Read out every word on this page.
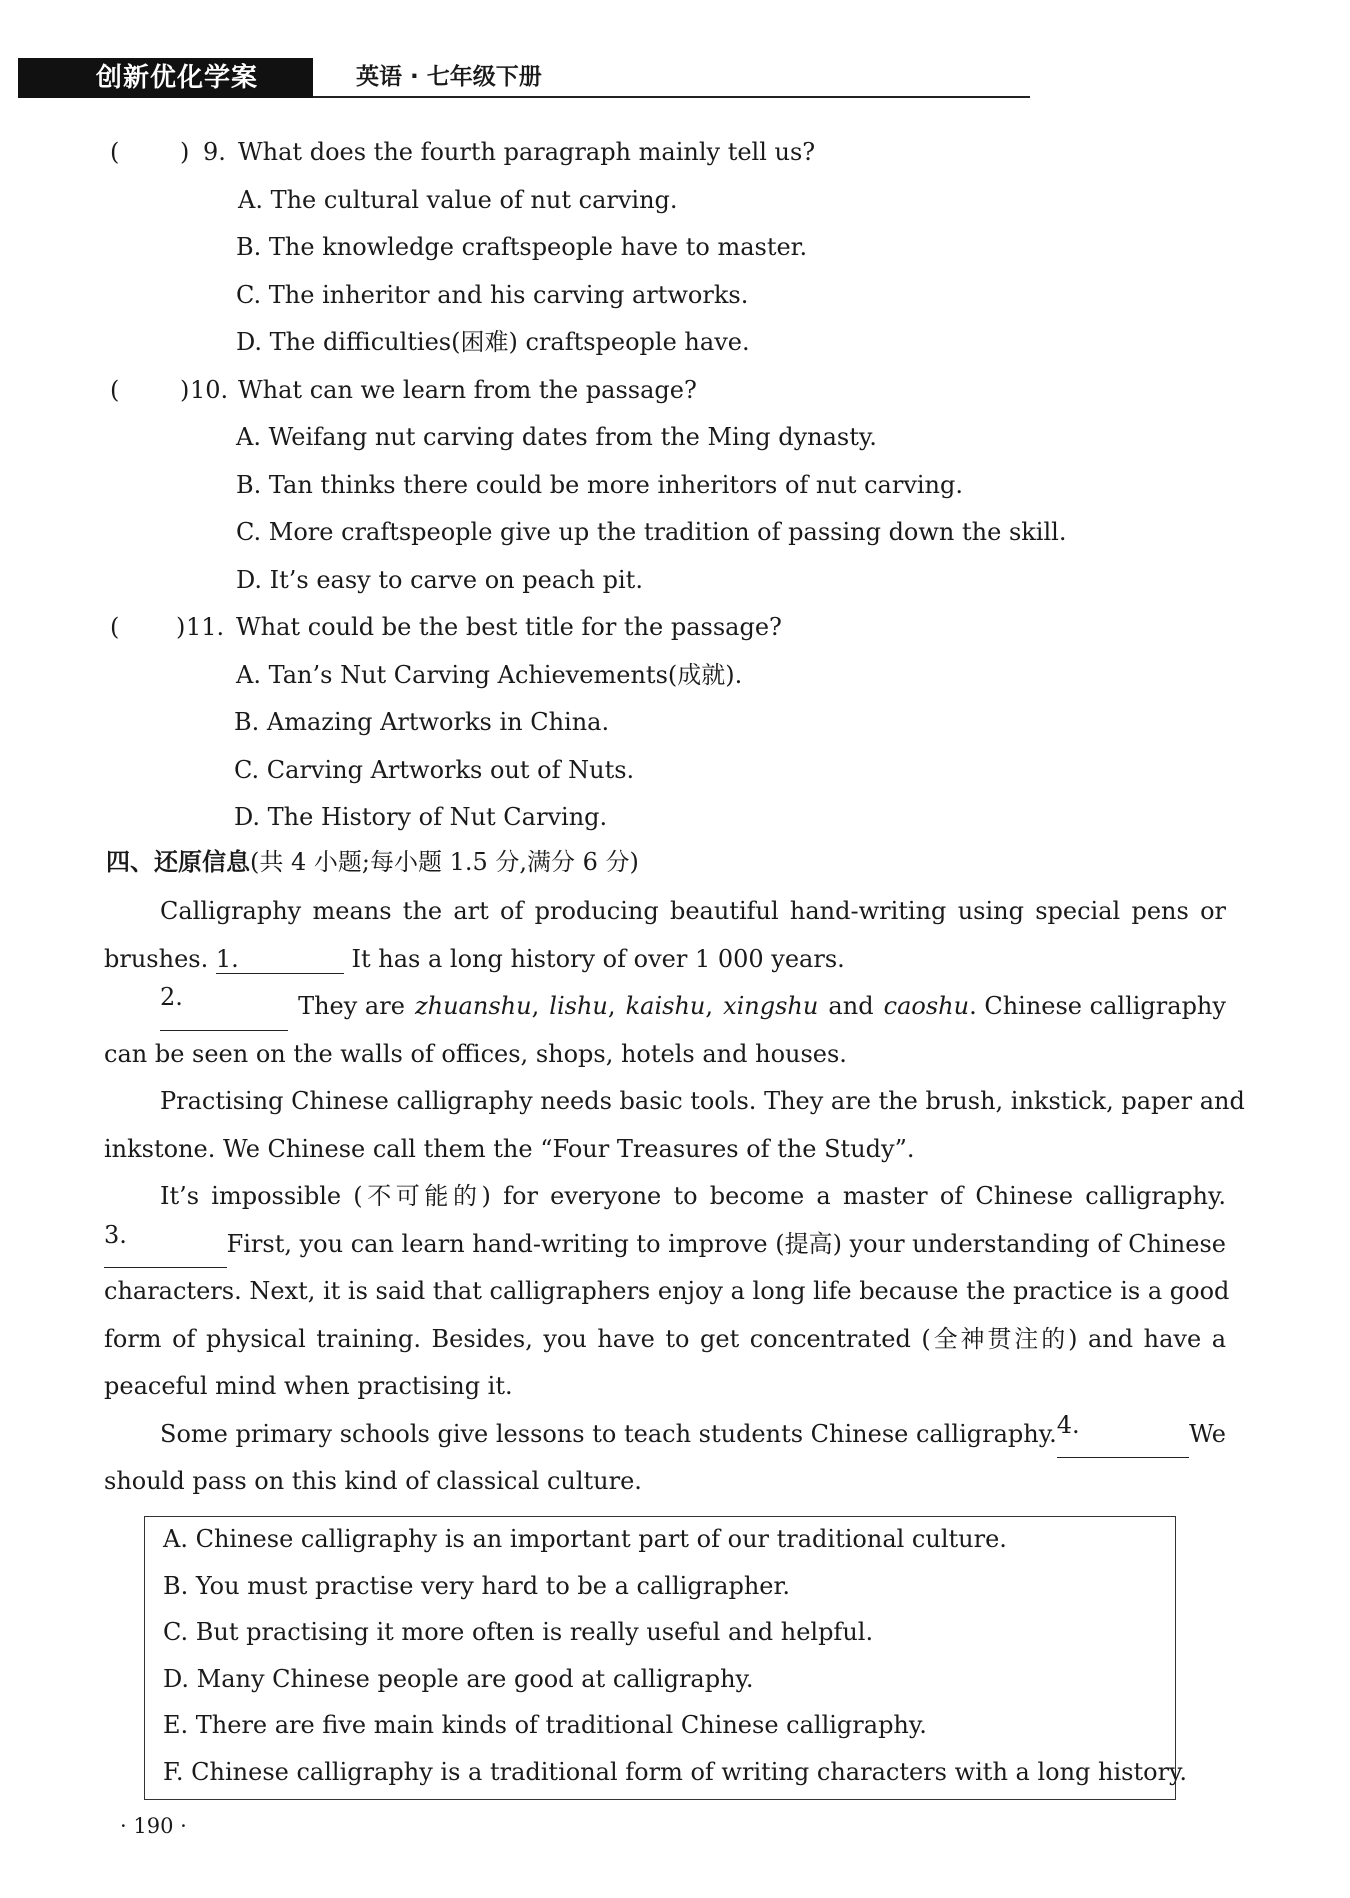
创新优化学案	英语 · 七年级下册
(	) 9. What does the fourth paragraph mainly tell us?
A. The cultural value of nut carving.
B. The knowledge craftspeople have to master.
C. The inheritor and his carving artworks.
D. The difficulties(困难) craftspeople have.
(	) 10. What can we learn from the passage?
A. Weifang nut carving dates from the Ming dynasty.
B. Tan thinks there could be more inheritors of nut carving.
C. More craftspeople give up the tradition of passing down the skill.
D. It’s easy to carve on peach pit.
( ) 11. What could be the best title for the passage?
A. Tan’s Nut Carving Achievements(成就).
B. Amazing Artworks in China.
C. Carving Artworks out of Nuts.
D. The History of Nut Carving.
四、还原信息(共 4 小题;每小题 1.5 分,满分 6 分)
Calligraphy means the art of producing beautiful hand-writing using special pens or
brushes. 1.	It has a long history of over 1 000 years.
2.	They are zhuanshu, lishu, kaishu, xingshu and caoshu. Chinese calligraphy
can be seen on the walls of offices, shops, hotels and houses.
Practising Chinese calligraphy needs basic tools. They are the brush, inkstick, paper and
inkstone. We Chinese call them the “Four Treasures of the Study”.
It’s impossible (不可能的) for everyone to become a master of Chinese calligraphy.
3.	First, you can learn hand-writing to improve (提高) your understanding of Chinese
characters. Next, it is said that calligraphers enjoy a long life because the practice is a good
form of physical training. Besides, you have to get concentrated (全神贯注的) and have a
peaceful mind when practising it.
Some primary schools give lessons to teach students Chinese calligraphy. 4.	We
should pass on this kind of classical culture.
A. Chinese calligraphy is an important part of our traditional culture.
B. You must practise very hard to be a calligrapher.
C. But practising it more often is really useful and helpful.
D. Many Chinese people are good at calligraphy.
E. There are five main kinds of traditional Chinese calligraphy.
F. Chinese calligraphy is a traditional form of writing characters with a long history.
· 190 ·
